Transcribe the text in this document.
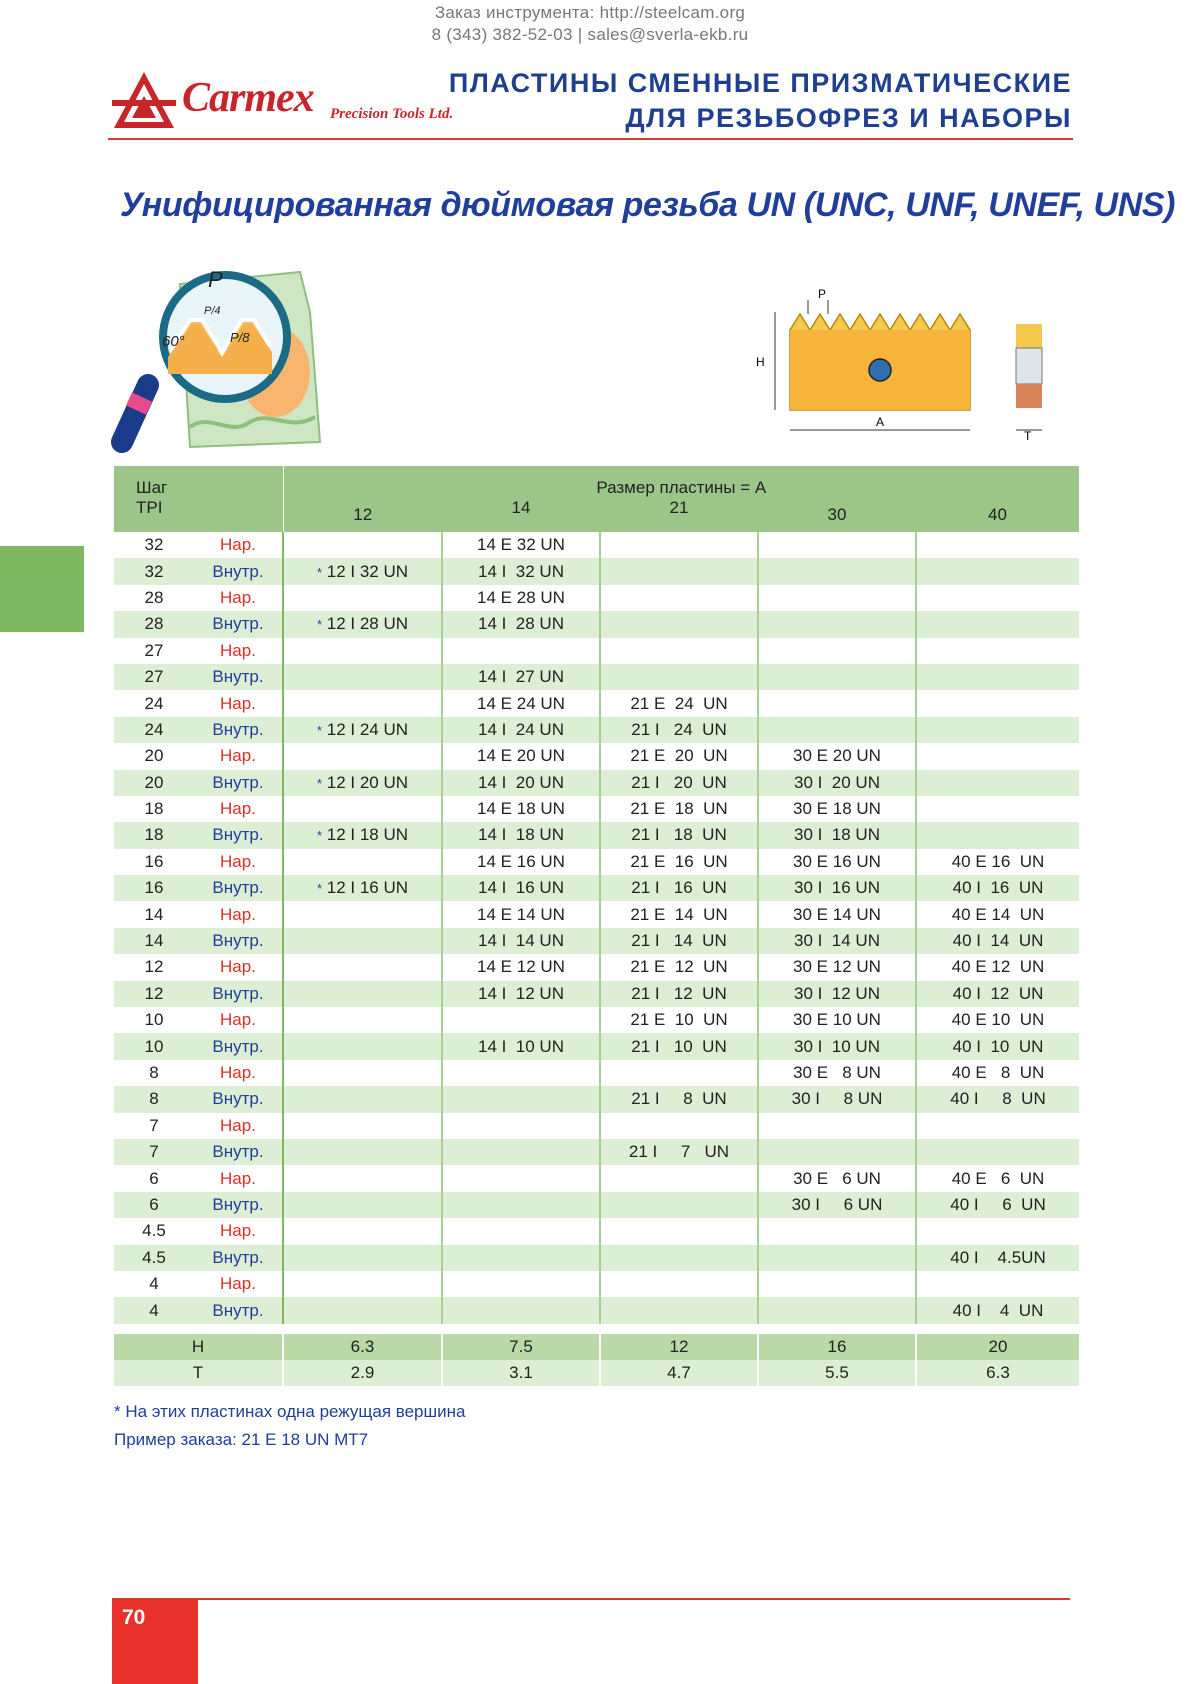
Заказ инструмента: http://steelcam.org
8 (343) 382-52-03 | sales@sverla-ekb.ru
Carmex Precision Tools Ltd.
ПЛАСТИНЫ СМЕННЫЕ ПРИЗМАТИЧЕСКИЕ
ДЛЯ РЕЗЬБОФРЕЗ И НАБОРЫ
Унифицированная дюймовая резьба UN (UNC, UNF, UNEF, UNS)
P
P/4
P/8
60°
P
H
A
T
Шаг		Размер пластины = A				
TPI		12	14	21	30	40
32	Нар.		14 E 32 UN			
32	Внутр.	* 12 I 32 UN	14 I  32 UN			
28	Нар.		14 E 28 UN			
28	Внутр.	* 12 I 28 UN	14 I  28 UN			
27	Нар.					
27	Внутр.		14 I  27 UN			
24	Нар.		14 E 24 UN	21 E  24  UN		
24	Внутр.	* 12 I 24 UN	14 I  24 UN	21 I   24  UN		
20	Нар.		14 E 20 UN	21 E  20  UN	30 E 20 UN	
20	Внутр.	* 12 I 20 UN	14 I  20 UN	21 I   20  UN	30 I  20 UN	
18	Нар.		14 E 18 UN	21 E  18  UN	30 E 18 UN	
18	Внутр.	* 12 I 18 UN	14 I  18 UN	21 I   18  UN	30 I  18 UN	
16	Нар.		14 E 16 UN	21 E  16  UN	30 E 16 UN	40 E 16  UN
16	Внутр.	* 12 I 16 UN	14 I  16 UN	21 I   16  UN	30 I  16 UN	40 I  16  UN
14	Нар.		14 E 14 UN	21 E  14  UN	30 E 14 UN	40 E 14  UN
14	Внутр.		14 I  14 UN	21 I   14  UN	30 I  14 UN	40 I  14  UN
12	Нар.		14 E 12 UN	21 E  12  UN	30 E 12 UN	40 E 12  UN
12	Внутр.		14 I  12 UN	21 I   12  UN	30 I  12 UN	40 I  12  UN
10	Нар.			21 E  10  UN	30 E 10 UN	40 E 10  UN
10	Внутр.		14 I  10 UN	21 I   10  UN	30 I  10 UN	40 I  10  UN
8	Нар.				30 E   8 UN	40 E   8  UN
8	Внутр.			21 I     8  UN	30 I     8 UN	40 I     8  UN
7	Нар.					
7	Внутр.			21 I     7   UN		
6	Нар.				30 E   6 UN	40 E   6  UN
6	Внутр.				30 I     6 UN	40 I     6  UN
4.5	Нар.					
4.5	Внутр.					40 I    4.5UN
4	Нар.					
4	Внутр.					40 I    4  UN
H	6.3	7.5	12	16	20
T	2.9	3.1	4.7	5.5	6.3
* На этих пластинах одна режущая вершина
Пример заказа: 21 E 18 UN MT7
70
